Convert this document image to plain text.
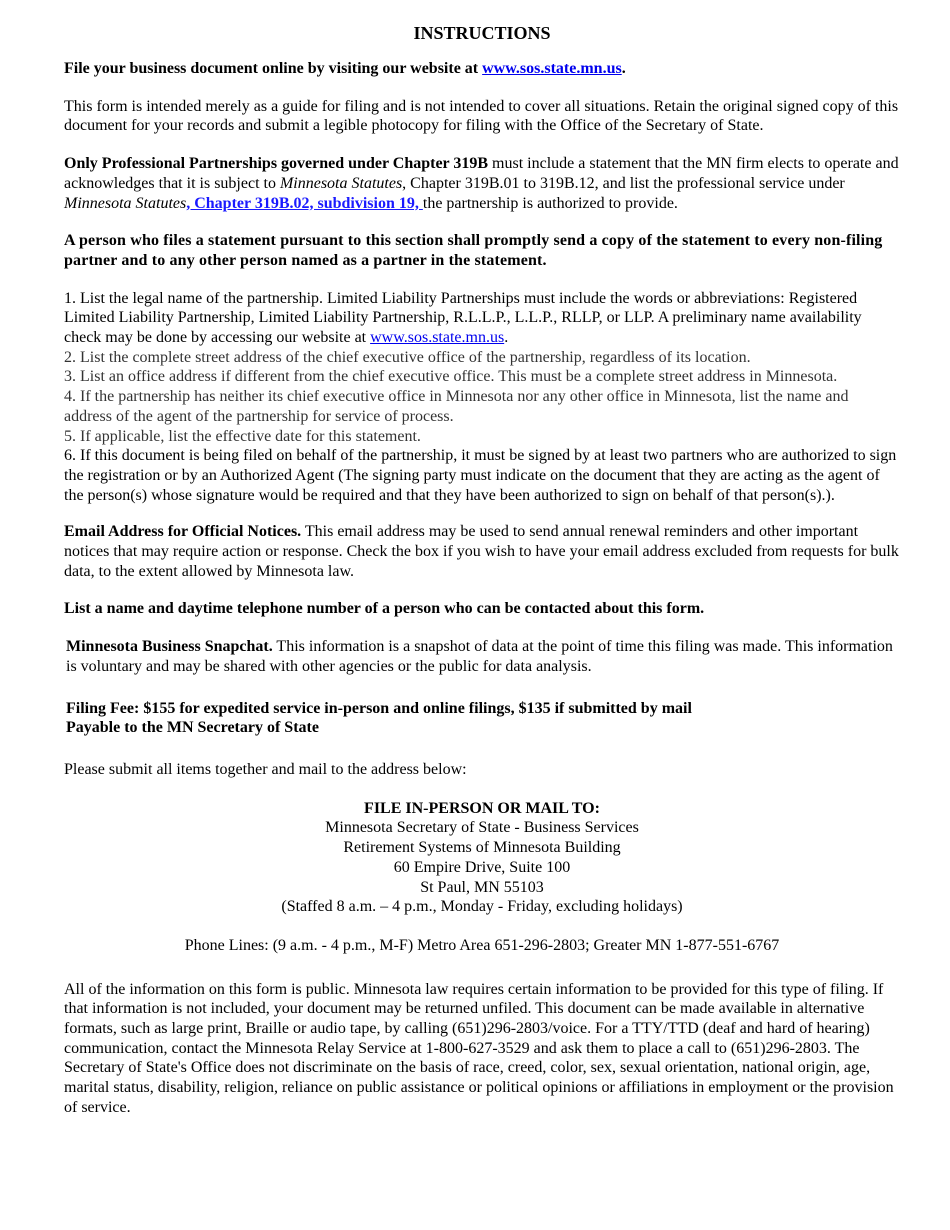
INSTRUCTIONS

File your business document online by visiting our website at www.sos.state.mn.us.

This form is intended merely as a guide for filing and is not intended to cover all situations. Retain the original signed copy of this document for your records and submit a legible photocopy for filing with the Office of the Secretary of State.

Only Professional Partnerships governed under Chapter 319B must include a statement that the MN firm elects to operate and acknowledges that it is subject to Minnesota Statutes, Chapter 319B.01 to 319B.12, and list the professional service under Minnesota Statutes, Chapter 319B.02, subdivision 19, the partnership is authorized to provide.

A person who files a statement pursuant to this section shall promptly send a copy of the statement to every non-filing partner and to any other person named as a partner in the statement.

1. List the legal name of the partnership. Limited Liability Partnerships must include the words or abbreviations: Registered Limited Liability Partnership, Limited Liability Partnership, R.L.L.P., L.L.P., RLLP, or LLP. A preliminary name availability check may be done by accessing our website at www.sos.state.mn.us.

2. List the complete street address of the chief executive office of the partnership, regardless of its location.

3. List an office address if different from the chief executive office. This must be a complete street address in Minnesota.

4. If the partnership has neither its chief executive office in Minnesota nor any other office in Minnesota, list the name and address of the agent of the partnership for service of process.

5. If applicable, list the effective date for this statement.

6. If this document is being filed on behalf of the partnership, it must be signed by at least two partners who are authorized to sign the registration or by an Authorized Agent (The signing party must indicate on the document that they are acting as the agent of the person(s) whose signature would be required and that they have been authorized to sign on behalf of that person(s).).

Email Address for Official Notices. This email address may be used to send annual renewal reminders and other important notices that may require action or response. Check the box if you wish to have your email address excluded from requests for bulk data, to the extent allowed by Minnesota law.

List a name and daytime telephone number of a person who can be contacted about this form.

Minnesota Business Snapchat. This information is a snapshot of data at the point of time this filing was made. This information is voluntary and may be shared with other agencies or the public for data analysis.

Filing Fee: $155 for expedited service in-person and online filings, $135 if submitted by mail

Payable to the MN Secretary of State

Please submit all items together and mail to the address below:

FILE IN-PERSON OR MAIL TO:

Minnesota Secretary of State - Business Services

Retirement Systems of Minnesota Building

60 Empire Drive, Suite 100

St Paul, MN 55103

(Staffed 8 a.m. – 4 p.m., Monday - Friday, excluding holidays)

Phone Lines: (9 a.m. - 4 p.m., M-F) Metro Area 651-296-2803; Greater MN 1-877-551-6767

All of the information on this form is public. Minnesota law requires certain information to be provided for this type of filing. If that information is not included, your document may be returned unfiled. This document can be made available in alternative formats, such as large print, Braille or audio tape, by calling (651)296-2803/voice. For a TTY/TTD (deaf and hard of hearing) communication, contact the Minnesota Relay Service at 1-800-627-3529 and ask them to place a call to (651)296-2803. The Secretary of State's Office does not discriminate on the basis of race, creed, color, sex, sexual orientation, national origin, age, marital status, disability, religion, reliance on public assistance or political opinions or affiliations in employment or the provision of service.
